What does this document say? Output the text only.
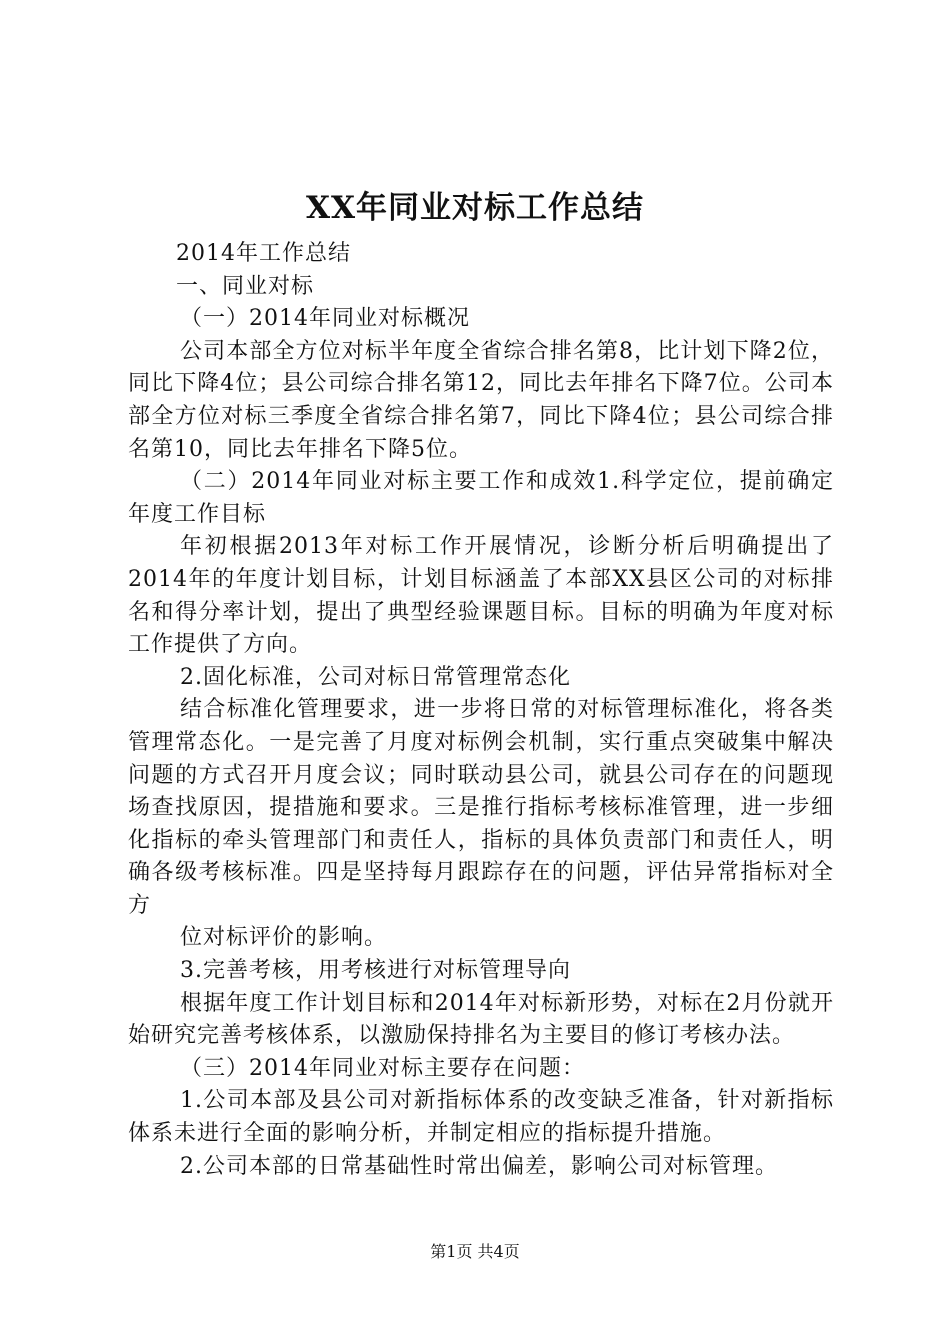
XX年同业对标工作总结

2014年工作总结

一、同业对标

（一）2014年同业对标概况

公司本部全方位对标半年度全省综合排名第8，比计划下降2位，同比下降4位；县公司综合排名第12，同比去年排名下降7位。公司本部全方位对标三季度全省综合排名第7，同比下降4位；县公司综合排名第10，同比去年排名下降5位。

（二）2014年同业对标主要工作和成效1.科学定位，提前确定年度工作目标

年初根据2013年对标工作开展情况，诊断分析后明确提出了2014年的年度计划目标，计划目标涵盖了本部XX县区公司的对标排名和得分率计划，提出了典型经验课题目标。目标的明确为年度对标工作提供了方向。

2.固化标准，公司对标日常管理常态化

结合标准化管理要求，进一步将日常的对标管理标准化，将各类管理常态化。一是完善了月度对标例会机制，实行重点突破集中解决问题的方式召开月度会议；同时联动县公司，就县公司存在的问题现场查找原因，提措施和要求。三是推行指标考核标准管理，进一步细化指标的牵头管理部门和责任人，指标的具体负责部门和责任人，明确各级考核标准。四是坚持每月跟踪存在的问题，评估异常指标对全方

位对标评价的影响。

3.完善考核，用考核进行对标管理导向

根据年度工作计划目标和2014年对标新形势，对标在2月份就开始研究完善考核体系，以激励保持排名为主要目的修订考核办法。

（三）2014年同业对标主要存在问题：

1.公司本部及县公司对新指标体系的改变缺乏准备，针对新指标体系未进行全面的影响分析，并制定相应的指标提升措施。

2.公司本部的日常基础性时常出偏差，影响公司对标管理。

第1页 共4页
